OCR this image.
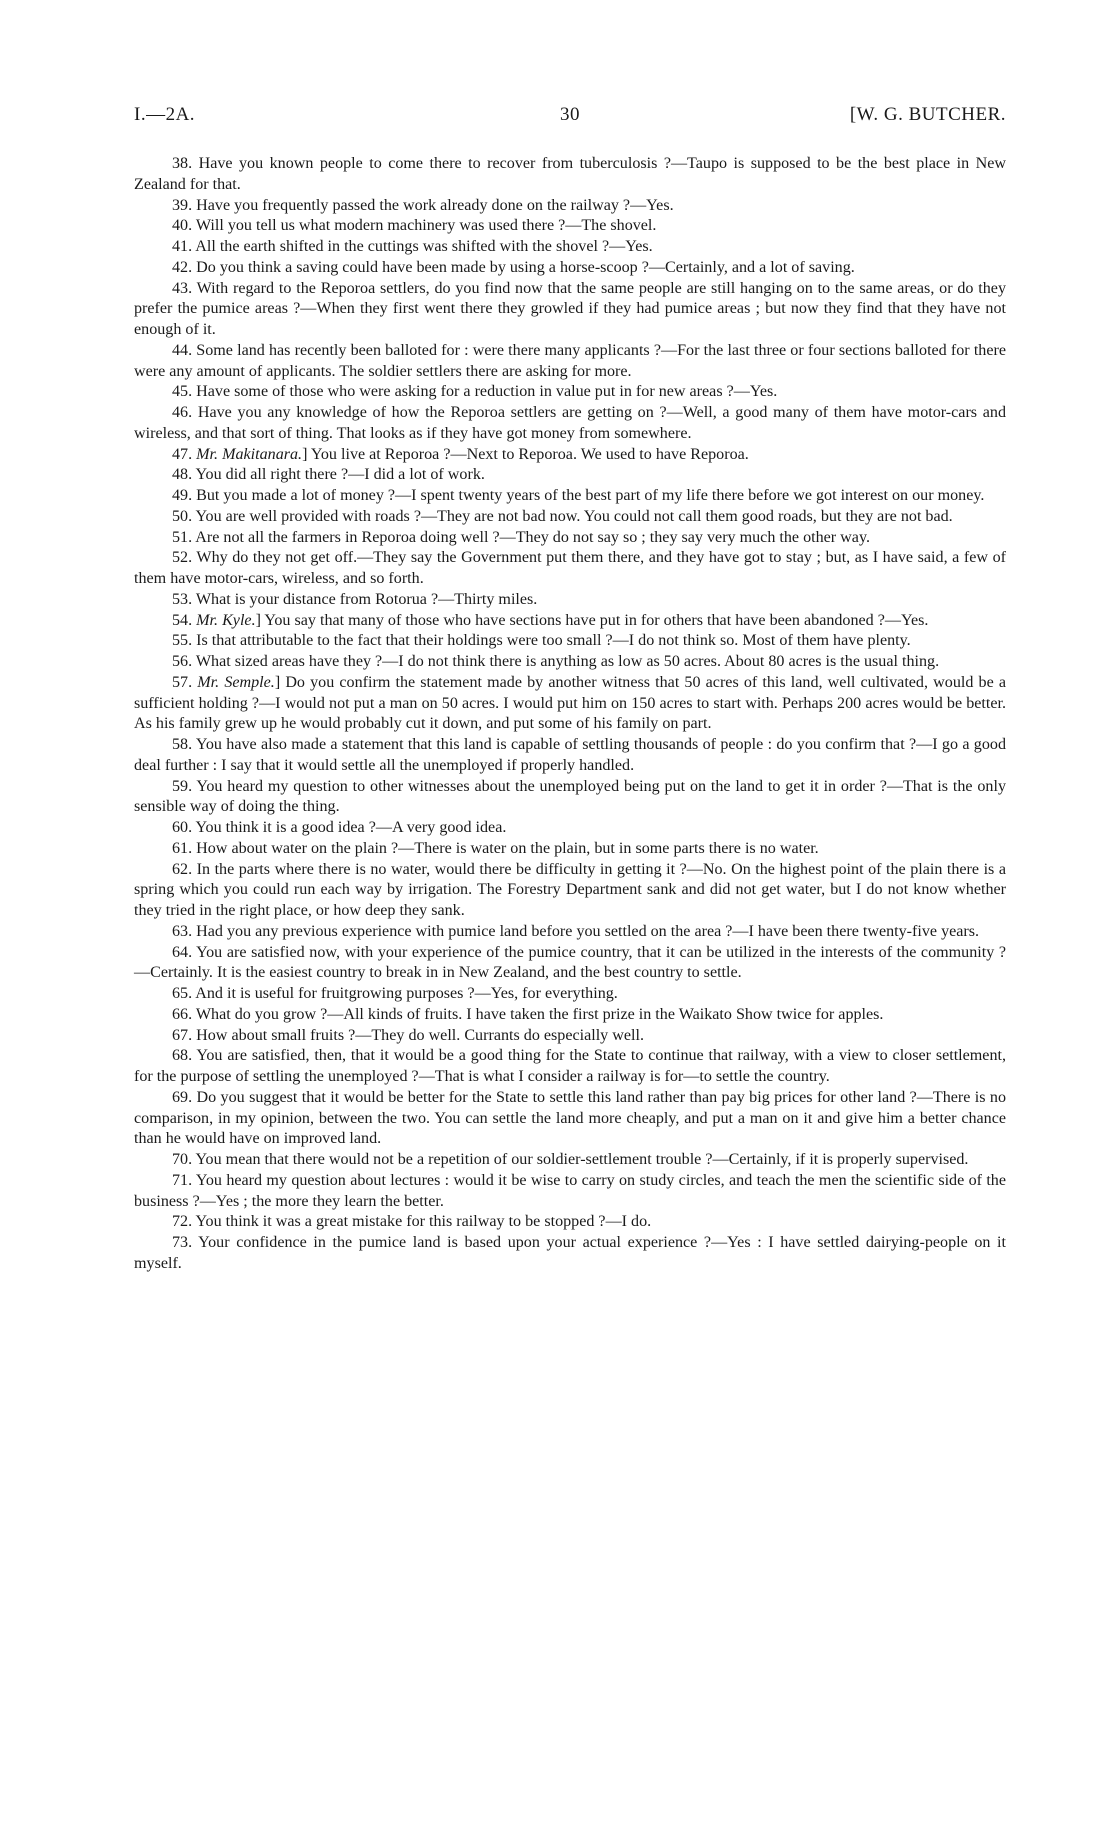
I.—2A.	30	[W. G. BUTCHER.

38. Have you known people to come there to recover from tuberculosis ?—Taupo is supposed to be the best place in New Zealand for that.

39. Have you frequently passed the work already done on the railway ?—Yes.

40. Will you tell us what modern machinery was used there ?—The shovel.

41. All the earth shifted in the cuttings was shifted with the shovel ?—Yes.

42. Do you think a saving could have been made by using a horse-scoop ?—Certainly, and a lot of saving.

43. With regard to the Reporoa settlers, do you find now that the same people are still hanging on to the same areas, or do they prefer the pumice areas ?—When they first went there they growled if they had pumice areas ; but now they find that they have not enough of it.

44. Some land has recently been balloted for : were there many applicants ?—For the last three or four sections balloted for there were any amount of applicants. The soldier settlers there are asking for more.

45. Have some of those who were asking for a reduction in value put in for new areas ?—Yes.

46. Have you any knowledge of how the Reporoa settlers are getting on ?—Well, a good many of them have motor-cars and wireless, and that sort of thing. That looks as if they have got money from somewhere.

47. Mr. Makitanara.] You live at Reporoa ?—Next to Reporoa. We used to have Reporoa.

48. You did all right there ?—I did a lot of work.

49. But you made a lot of money ?—I spent twenty years of the best part of my life there before we got interest on our money.

50. You are well provided with roads ?—They are not bad now. You could not call them good roads, but they are not bad.

51. Are not all the farmers in Reporoa doing well ?—They do not say so ; they say very much the other way.

52. Why do they not get off.—They say the Government put them there, and they have got to stay ; but, as I have said, a few of them have motor-cars, wireless, and so forth.

53. What is your distance from Rotorua ?—Thirty miles.

54. Mr. Kyle.] You say that many of those who have sections have put in for others that have been abandoned ?—Yes.

55. Is that attributable to the fact that their holdings were too small ?—I do not think so. Most of them have plenty.

56. What sized areas have they ?—I do not think there is anything as low as 50 acres. About 80 acres is the usual thing.

57. Mr. Semple.] Do you confirm the statement made by another witness that 50 acres of this land, well cultivated, would be a sufficient holding ?—I would not put a man on 50 acres. I would put him on 150 acres to start with. Perhaps 200 acres would be better. As his family grew up he would probably cut it down, and put some of his family on part.

58. You have also made a statement that this land is capable of settling thousands of people : do you confirm that ?—I go a good deal further : I say that it would settle all the unemployed if properly handled.

59. You heard my question to other witnesses about the unemployed being put on the land to get it in order ?—That is the only sensible way of doing the thing.

60. You think it is a good idea ?—A very good idea.

61. How about water on the plain ?—There is water on the plain, but in some parts there is no water.

62. In the parts where there is no water, would there be difficulty in getting it ?—No. On the highest point of the plain there is a spring which you could run each way by irrigation. The Forestry Department sank and did not get water, but I do not know whether they tried in the right place, or how deep they sank.

63. Had you any previous experience with pumice land before you settled on the area ?—I have been there twenty-five years.

64. You are satisfied now, with your experience of the pumice country, that it can be utilized in the interests of the community ?—Certainly. It is the easiest country to break in in New Zealand, and the best country to settle.

65. And it is useful for fruitgrowing purposes ?—Yes, for everything.

66. What do you grow ?—All kinds of fruits. I have taken the first prize in the Waikato Show twice for apples.

67. How about small fruits ?—They do well. Currants do especially well.

68. You are satisfied, then, that it would be a good thing for the State to continue that railway, with a view to closer settlement, for the purpose of settling the unemployed ?—That is what I consider a railway is for—to settle the country.

69. Do you suggest that it would be better for the State to settle this land rather than pay big prices for other land ?—There is no comparison, in my opinion, between the two. You can settle the land more cheaply, and put a man on it and give him a better chance than he would have on improved land.

70. You mean that there would not be a repetition of our soldier-settlement trouble ?—Certainly, if it is properly supervised.

71. You heard my question about lectures : would it be wise to carry on study circles, and teach the men the scientific side of the business ?—Yes ; the more they learn the better.

72. You think it was a great mistake for this railway to be stopped ?—I do.

73. Your confidence in the pumice land is based upon your actual experience ?—Yes : I have settled dairying-people on it myself.
